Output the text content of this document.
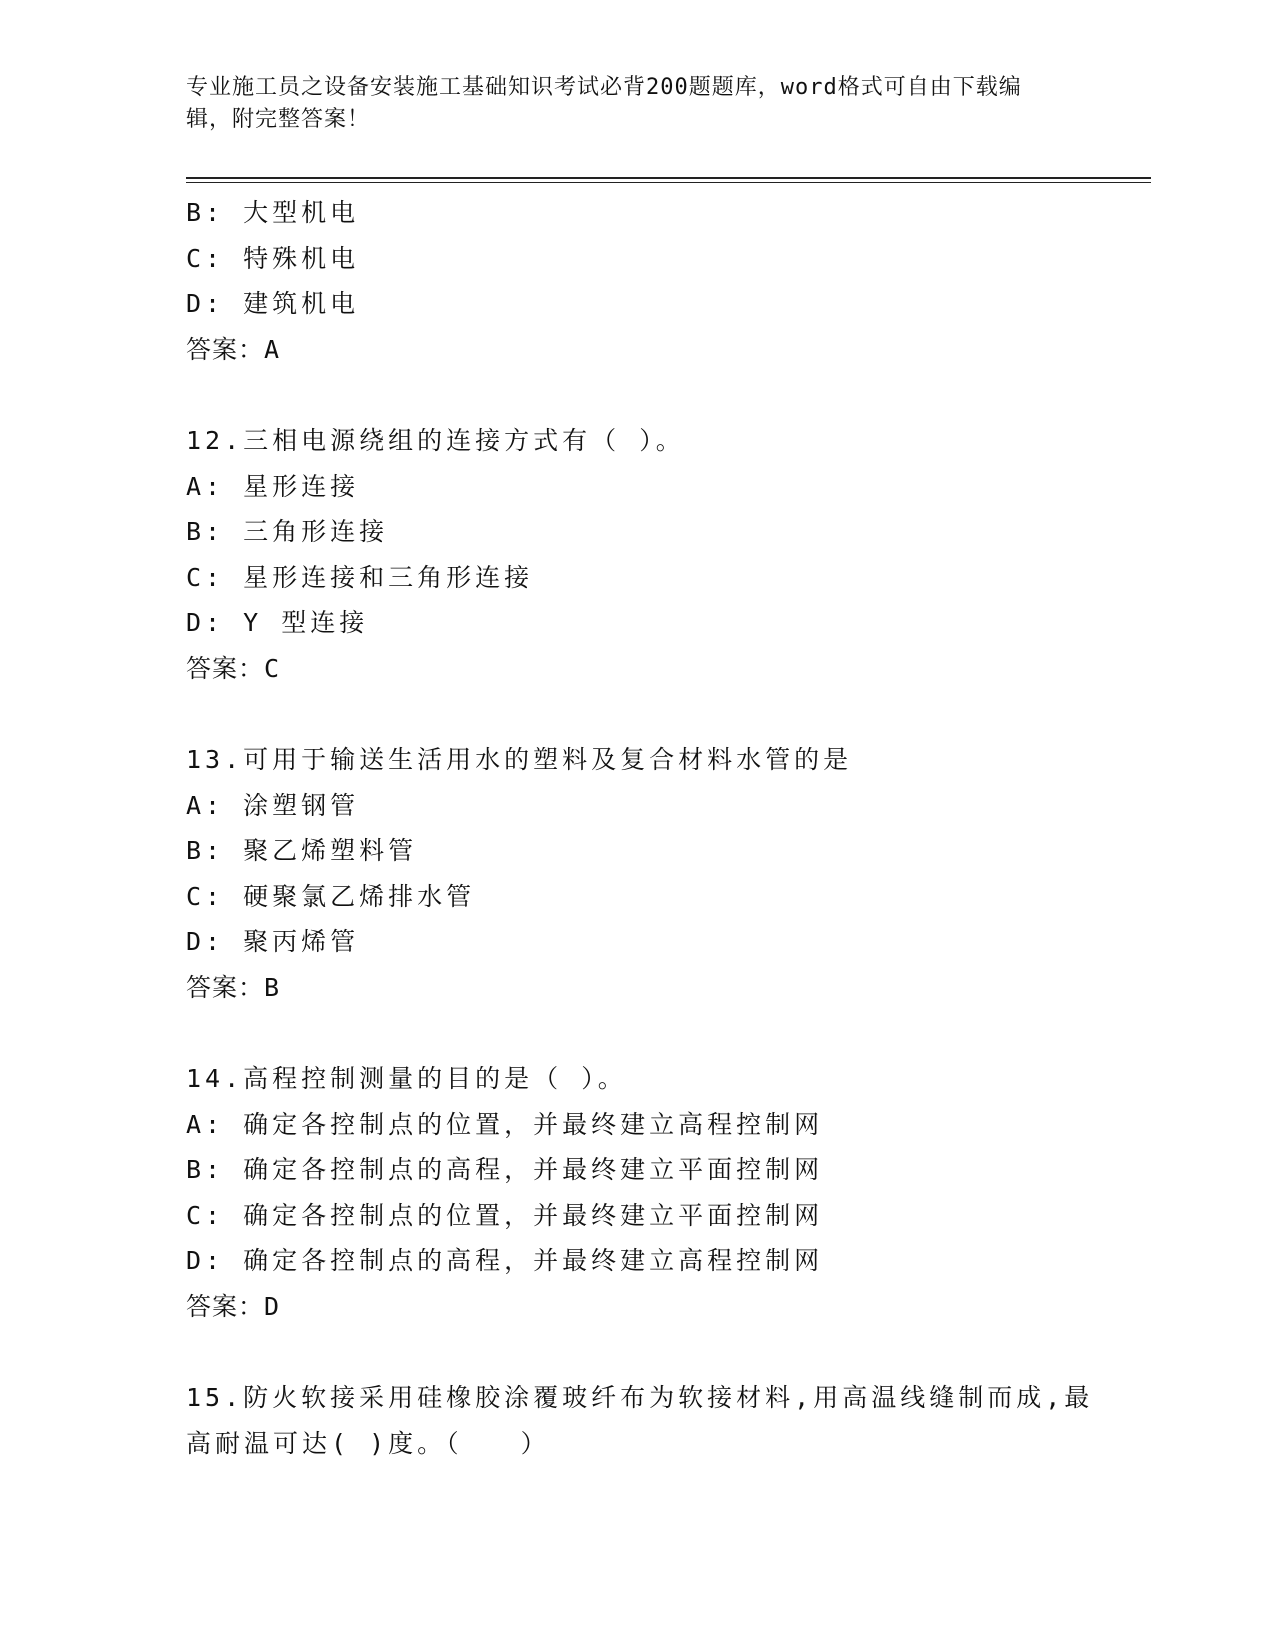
专业施工员之设备安装施工基础知识考试必背200题题库，word格式可自由下载编辑，附完整答案！
B: 大型机电
C: 特殊机电
D: 建筑机电
答案：A
12.三相电源绕组的连接方式有（ ）。
A: 星形连接
B: 三角形连接
C: 星形连接和三角形连接
D: Y 型连接
答案：C
13.可用于输送生活用水的塑料及复合材料水管的是
A: 涂塑钢管
B: 聚乙烯塑料管
C: 硬聚氯乙烯排水管
D: 聚丙烯管
答案：B
14.高程控制测量的目的是（ ）。
A: 确定各控制点的位置，并最终建立高程控制网
B: 确定各控制点的高程，并最终建立平面控制网
C: 确定各控制点的位置，并最终建立平面控制网
D: 确定各控制点的高程，并最终建立高程控制网
答案：D
15.防火软接采用硅橡胶涂覆玻纤布为软接材料,用高温线缝制而成,最高耐温可达( )度。（　　）
